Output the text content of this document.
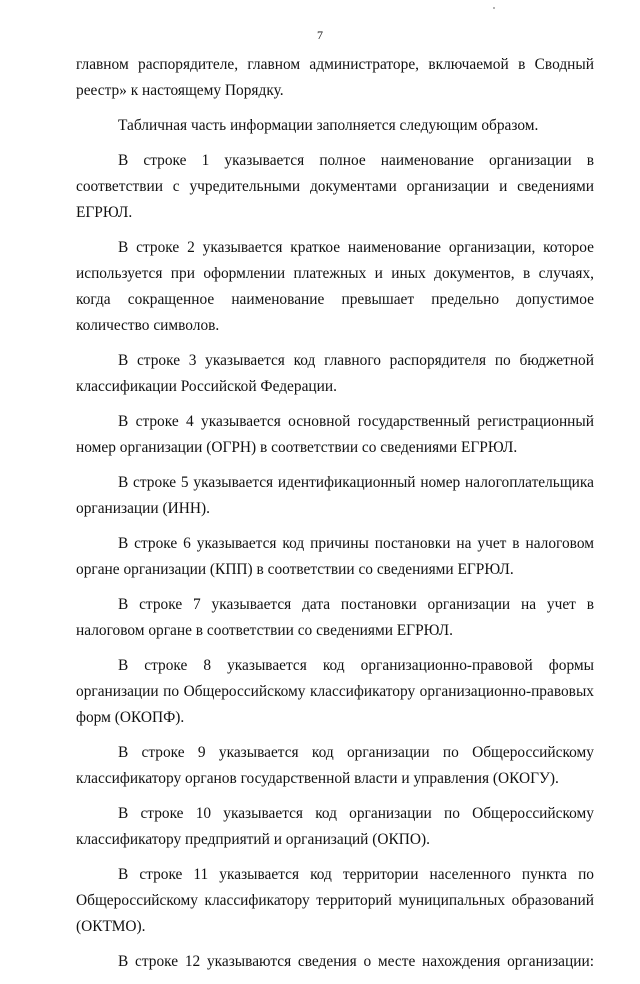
7

главном распорядителе, главном администраторе, включаемой в Сводный реестр» к настоящему Порядку.

Табличная часть информации заполняется следующим образом.

В строке 1 указывается полное наименование организации в соответствии с учредительными документами организации и сведениями ЕГРЮЛ.

В строке 2 указывается краткое наименование организации, которое используется при оформлении платежных и иных документов, в случаях, когда сокращенное наименование превышает предельно допустимое количество символов.

В строке 3 указывается код главного распорядителя по бюджетной классификации Российской Федерации.

В строке 4 указывается основной государственный регистрационный номер организации (ОГРН) в соответствии со сведениями ЕГРЮЛ.

В строке 5 указывается идентификационный номер налогоплательщика организации (ИНН).

В строке 6 указывается код причины постановки на учет в налоговом органе организации (КПП) в соответствии со сведениями ЕГРЮЛ.

В строке 7 указывается дата постановки организации на учет в налоговом органе в соответствии со сведениями ЕГРЮЛ.

В строке 8 указывается код организационно-правовой формы организации по Общероссийскому классификатору организационно-правовых форм (ОКОПФ).

В строке 9 указывается код организации по Общероссийскому классификатору органов государственной власти и управления (ОКОГУ).

В строке 10 указывается код организации по Общероссийскому классификатору предприятий и организаций (ОКПО).

В строке 11 указывается код территории населенного пункта по Общероссийскому классификатору территорий муниципальных образований (ОКТМО).

В строке 12 указываются сведения о месте нахождения организации:
